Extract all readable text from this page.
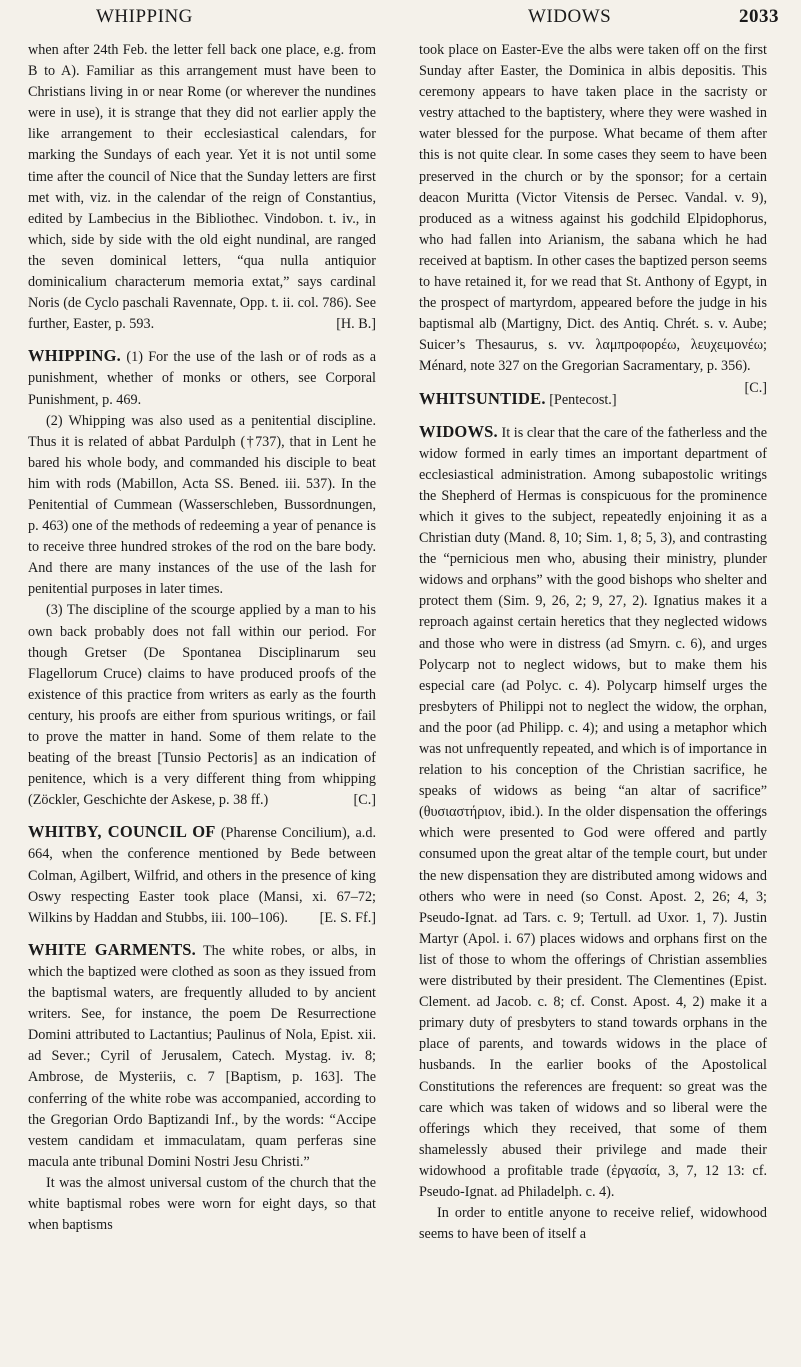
WHIPPING	WIDOWS	2033

when after 24th Feb. the letter fell back one place, e.g. from B to A). Familiar as this arrangement must have been to Christians living in or near Rome (or wherever the nundines were in use), it is strange that they did not earlier apply the like arrangement to their ecclesiastical calendars, for marking the Sundays of each year. Yet it is not until some time after the council of Nice that the Sunday letters are first met with, viz. in the calendar of the reign of Constantius, edited by Lambecius in the Bibliothec. Vindobon. t. iv., in which, side by side with the old eight nundinal, are ranged the seven dominical letters, “qua nulla antiquior dominicalium characterum memoria extat,” says cardinal Noris (de Cyclo paschali Ravennate, Opp. t. ii. col. 786). See further, Easter, p. 593.	[H. B.]

WHIPPING. (1) For the use of the lash or of rods as a punishment, whether of monks or others, see Corporal Punishment, p. 469.

(2) Whipping was also used as a penitential discipline. Thus it is related of abbat Pardulph (†737), that in Lent he bared his whole body, and commanded his disciple to beat him with rods (Mabillon, Acta SS. Bened. iii. 537). In the Penitential of Cummean (Wasserschleben, Bussordnungen, p. 463) one of the methods of redeeming a year of penance is to receive three hundred strokes of the rod on the bare body. And there are many instances of the use of the lash for penitential purposes in later times.

(3) The discipline of the scourge applied by a man to his own back probably does not fall within our period. For though Gretser (De Spontanea Disciplinarum seu Flagellorum Cruce) claims to have produced proofs of the existence of this practice from writers as early as the fourth century, his proofs are either from spurious writings, or fail to prove the matter in hand. Some of them relate to the beating of the breast [Tunsio Pectoris] as an indication of penitence, which is a very different thing from whipping (Zöckler, Geschichte der Askese, p. 38 ff.)	[C.]

WHITBY, COUNCIL OF (Pharense Concilium), a.d. 664, when the conference mentioned by Bede between Colman, Agilbert, Wilfrid, and others in the presence of king Oswy respecting Easter took place (Mansi, xi. 67–72; Wilkins by Haddan and Stubbs, iii. 100–106). [E. S. Ff.]

WHITE GARMENTS. The white robes, or albs, in which the baptized were clothed as soon as they issued from the baptismal waters, are frequently alluded to by ancient writers. See, for instance, the poem De Resurrectione Domini attributed to Lactantius; Paulinus of Nola, Epist. xii. ad Sever.; Cyril of Jerusalem, Catech. Mystag. iv. 8; Ambrose, de Mysteriis, c. 7 [Baptism, p. 163]. The conferring of the white robe was accompanied, according to the Gregorian Ordo Baptizandi Inf., by the words: “Accipe vestem candidam et immaculatam, quam perferas sine macula ante tribunal Domini Nostri Jesu Christi.”

It was the almost universal custom of the church that the white baptismal robes were worn for eight days, so that when baptisms

took place on Easter-Eve the albs were taken off on the first Sunday after Easter, the Dominica in albis depositis. This ceremony appears to have taken place in the sacristy or vestry attached to the baptistery, where they were washed in water blessed for the purpose. What became of them after this is not quite clear. In some cases they seem to have been preserved in the church or by the sponsor; for a certain deacon Muritta (Victor Vitensis de Persec. Vandal. v. 9), produced as a witness against his godchild Elpidophorus, who had fallen into Arianism, the sabana which he had received at baptism. In other cases the baptized person seems to have retained it, for we read that St. Anthony of Egypt, in the prospect of martyrdom, appeared before the judge in his baptismal alb (Martigny, Dict. des Antiq. Chrét. s. v. Aube; Suicer’s Thesaurus, s. vv. λαμπροφορέω, λευχειμονέω; Ménard, note 327 on the Gregorian Sacramentary, p. 356).
[C.]

WHITSUNTIDE. [Pentecost.]

WIDOWS. It is clear that the care of the fatherless and the widow formed in early times an important department of ecclesiastical administration. Among subapostolic writings the Shepherd of Hermas is conspicuous for the prominence which it gives to the subject, repeatedly enjoining it as a Christian duty (Mand. 8, 10; Sim. 1, 8; 5, 3), and contrasting the “pernicious men who, abusing their ministry, plunder widows and orphans” with the good bishops who shelter and protect them (Sim. 9, 26, 2; 9, 27, 2). Ignatius makes it a reproach against certain heretics that they neglected widows and those who were in distress (ad Smyrn. c. 6), and urges Polycarp not to neglect widows, but to make them his especial care (ad Polyc. c. 4). Polycarp himself urges the presbyters of Philippi not to neglect the widow, the orphan, and the poor (ad Philipp. c. 4); and using a metaphor which was not unfrequently repeated, and which is of importance in relation to his conception of the Christian sacrifice, he speaks of widows as being “an altar of sacrifice” (θυσιαστήριον, ibid.). In the older dispensation the offerings which were presented to God were offered and partly consumed upon the great altar of the temple court, but under the new dispensation they are distributed among widows and others who were in need (so Const. Apost. 2, 26; 4, 3; Pseudo-Ignat. ad Tars. c. 9; Tertull. ad Uxor. 1, 7). Justin Martyr (Apol. i. 67) places widows and orphans first on the list of those to whom the offerings of Christian assemblies were distributed by their president. The Clementines (Epist. Clement. ad Jacob. c. 8; cf. Const. Apost. 4, 2) make it a primary duty of presbyters to stand towards orphans in the place of parents, and towards widows in the place of husbands. In the earlier books of the Apostolical Constitutions the references are frequent: so great was the care which was taken of widows and so liberal were the offerings which they received, that some of them shamelessly abused their privilege and made their widowhood a profitable trade (ἐργασία, 3, 7, 12 13: cf. Pseudo-Ignat. ad Philadelph. c. 4).

In order to entitle anyone to receive relief, widowhood seems to have been of itself a
